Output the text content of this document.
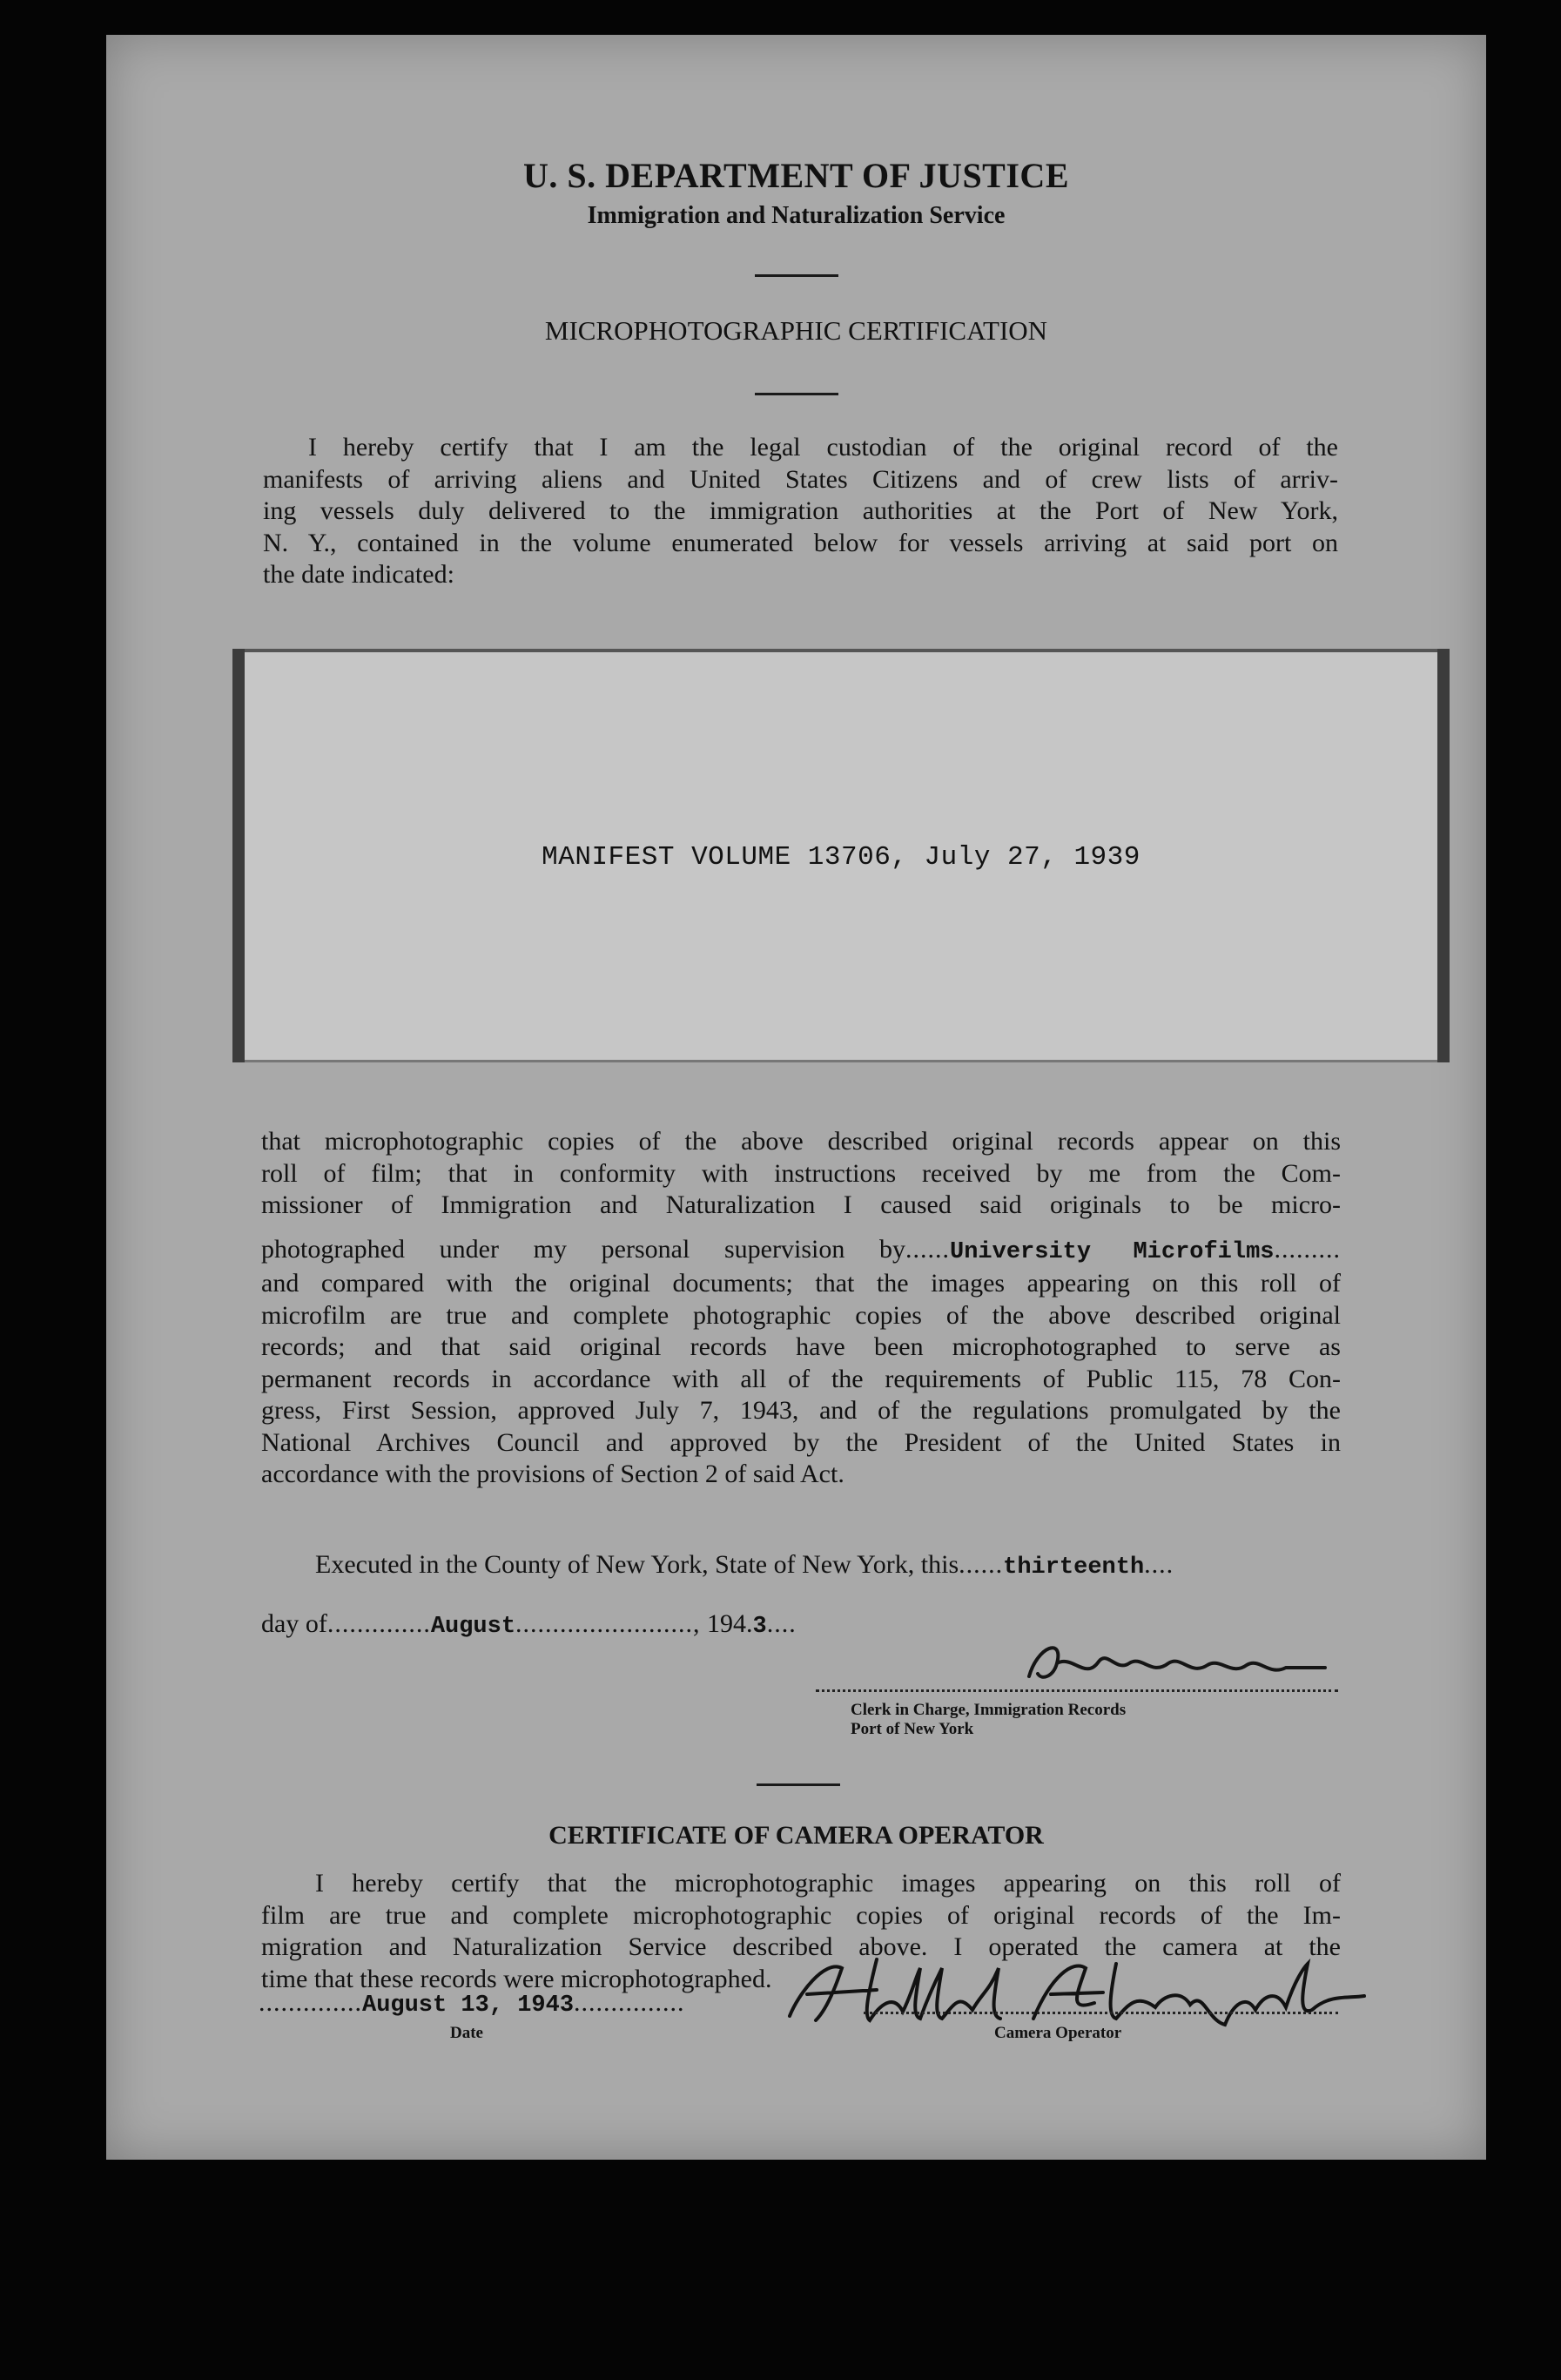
U. S. DEPARTMENT OF JUSTICE
Immigration and Naturalization Service
MICROPHOTOGRAPHIC CERTIFICATION
I hereby certify that I am the legal custodian of the original record of the
manifests of arriving aliens and United States Citizens and of crew lists of arriv-
ing vessels duly delivered to the immigration authorities at the Port of New York,
N. Y., contained in the volume enumerated below for vessels arriving at said port on
the date indicated:
MANIFEST VOLUME 13706, July 27, 1939
that microphotographic copies of the above described original records appear on this
roll of film; that in conformity with instructions received by me from the Com-
missioner of Immigration and Naturalization I caused said originals to be micro-
photographed under my personal supervision by......University Microfilms.........
and compared with the original documents; that the images appearing on this roll of
microfilm are true and complete photographic copies of the above described original
records; and that said original records have been microphotographed to serve as
permanent records in accordance with all of the requirements of Public 115, 78 Con-
gress, First Session, approved July 7, 1943, and of the regulations promulgated by the
National Archives Council and approved by the President of the United States in
accordance with the provisions of Section 2 of said Act.
Executed in the County of New York, State of New York, this......thirteenth....
day of..............August........................, 194.3....
Clerk in Charge, Immigration Records
Port of New York
CERTIFICATE OF CAMERA OPERATOR
I hereby certify that the microphotographic images appearing on this roll of
film are true and complete microphotographic copies of original records of the Im-
migration and Naturalization Service described above. I operated the camera at the
time that these records were microphotographed.
..............August 13, 1943...............
Date	Camera Operator
